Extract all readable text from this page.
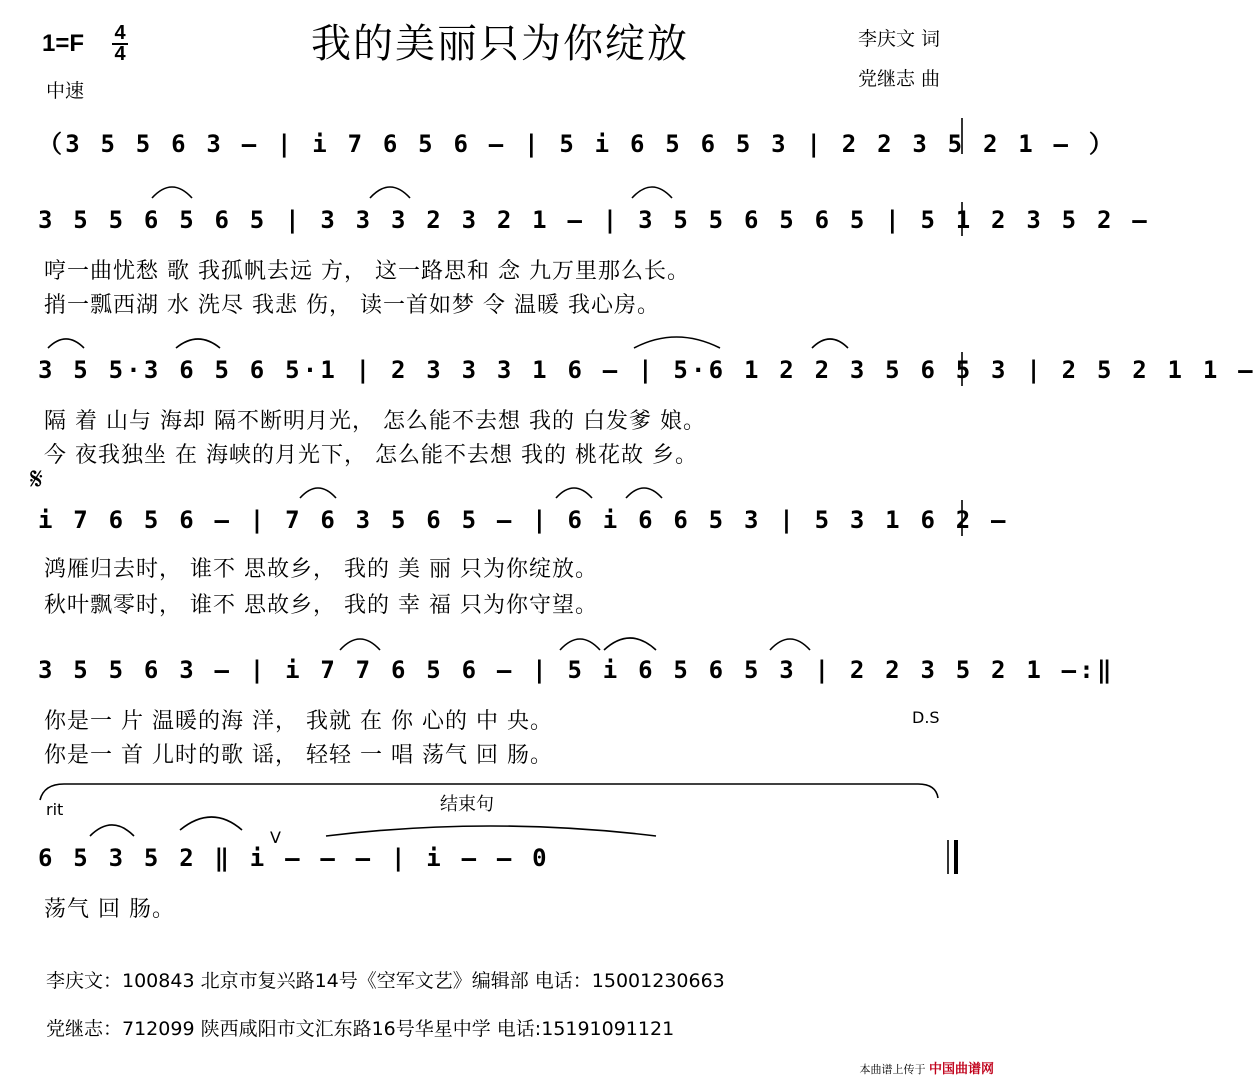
我的美丽只为你绽放
$1=F \frac{4}{4}$
中速
李庆文 词
党继志 曲
（3 5 5 6 3 – | i 7 6 5 6 – | 5 i 6 5 6 5 3 | 2 2 3 5 2 1 – ）
3 5 5 6 5 6 5 | 3 3 3 2 3 2 1 – | 3 5 5 6 5 6 5 | 5 1 2 3 5 2 –
哼一曲忧愁 歌 我孤帆去远 方， 这一路思和 念 九万里那么长。
捎一瓢西湖 水 洗尽 我悲 伤， 读一首如梦 令 温暖 我心房。
3 5 5·3 6 5 6 5·1 | 2 3 3 3 1 6 – | 5·6 1 2 2 3 5 6 5 3 | 2 5 2 1 1 –
隔 着 山与 海却 隔不断明月光， 怎么能不去想 我的 白发爹 娘。
今 夜我独坐 在 海峡的月光下， 怎么能不去想 我的 桃花故 乡。
𝄋
i 7 6 5 6 – | 7 6 3 5 6 5 – | 6 i 6 6 5 3 | 5 3 1 6 2 –
鸿雁归去时， 谁不 思故乡， 我的 美 丽 只为你绽放。
秋叶飘零时， 谁不 思故乡， 我的 幸 福 只为你守望。
3 5 5 6 3 – | i 7 7 6 5 6 – | 5 i 6 5 6 5 3 | 2 2 3 5 2 1 –:‖
你是一 片 温暖的海 洋， 我就 在 你 心的 中 央。	D.S
你是一 首 儿时的歌 谣， 轻轻 一 唱 荡气 回 肠。
rit	结束句
V
6 5 3 5 2 ‖ i – – – | i – – 0
荡气 回 肠。
李庆文：100843 北京市复兴路14号《空军文艺》编辑部 电话：15001230663
党继志：712099 陕西咸阳市文汇东路16号华星中学 电话:15191091121
本曲谱上传于 中国曲谱网
